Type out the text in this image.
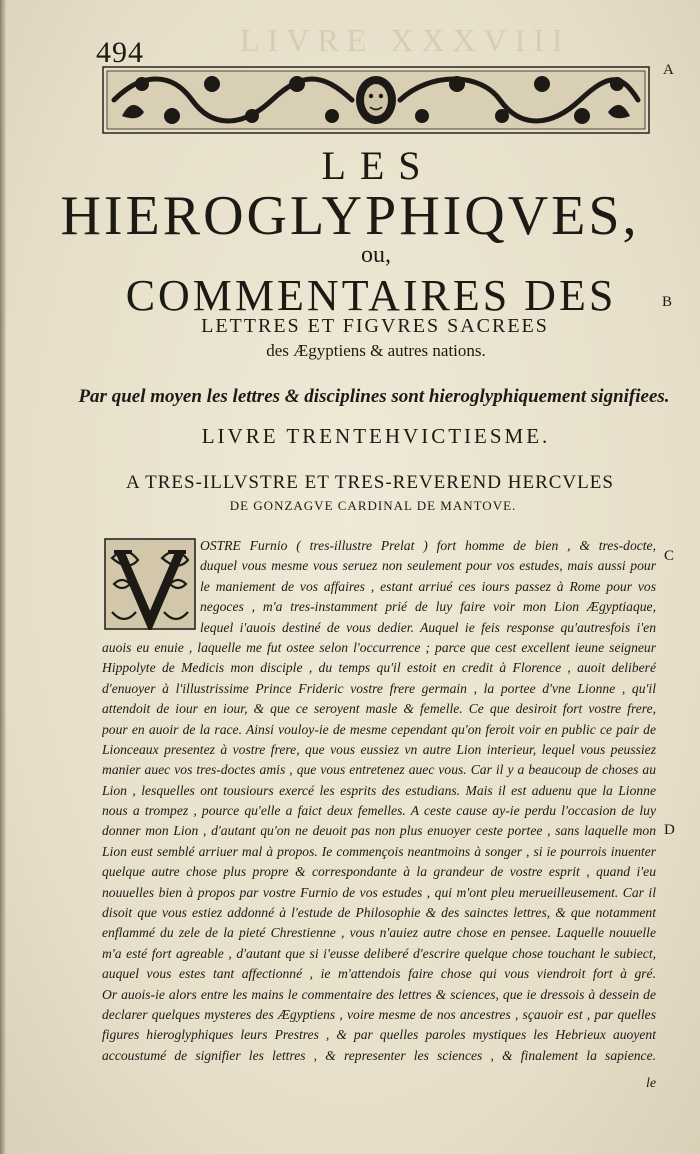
LIVRE XXXVIII
494
A
B
C
D
LES
HIEROGLYPHIQVES,
ou,
COMMENTAIRES DES
LETTRES ET FIGVRES SACREES
des Ægyptiens & autres nations.
Par quel moyen les lettres & disciplines sont hieroglyphiquement signifiees.
LIVRE TRENTEHVICTIESME.
A TRES-ILLVSTRE ET TRES-REVEREND HERCVLES
DE GONZAGVE CARDINAL DE MANTOVE.
OSTRE Furnio ( tres-illustre Prelat ) fort homme de bien , & tres-docte,
duquel vous mesme vous seruez non seulement pour vos estudes, mais aussi pour
le maniement de vos affaires , estant arriué ces iours passez à Rome pour vos
negoces , m'a tres-instamment prié de luy faire voir mon Lion Ægyptiaque,
lequel i'auois destiné de vous dedier. Auquel ie feis response qu'autresfois i'en
auois eu enuie , laquelle me fut ostee selon l'occurrence ; parce que cest excellent ieune seigneur
Hippolyte de Medicis mon disciple , du temps qu'il estoit en credit à Florence , auoit deliberé
d'enuoyer à l'illustrissime Prince Frideric vostre frere germain , la portee d'vne Lionne , qu'il
attendoit de iour en iour, & que ce seroyent masle & femelle. Ce que desiroit fort vostre frere,
pour en auoir de la race. Ainsi vouloy-ie de mesme cependant qu'on feroit voir en public ce pair de
Lionceaux presentez à vostre frere, que vous eussiez vn autre Lion interieur, lequel vous peussiez
manier auec vos tres-doctes amis , que vous entretenez auec vous. Car il y a beaucoup de choses au
Lion , lesquelles ont tousiours exercé les esprits des estudians. Mais il est aduenu que la Lionne
nous a trompez , pource qu'elle a faict deux femelles. A ceste cause ay-ie perdu l'occasion de luy
donner mon Lion , d'autant qu'on ne deuoit pas non plus enuoyer ceste portee , sans laquelle mon
Lion eust semblé arriuer mal à propos. Ie commençois neantmoins à songer , si ie pourrois inuenter
quelque autre chose plus propre & correspondante à la grandeur de vostre esprit , quand i'eu
nouuelles bien à propos par vostre Furnio de vos estudes , qui m'ont pleu merueilleusement. Car il
disoit que vous estiez addonné à l'estude de Philosophie & des sainctes lettres, & que notamment
enflammé du zele de la pieté Chrestienne , vous n'auiez autre chose en pensee. Laquelle nouuelle
m'a esté fort agreable , d'autant que si i'eusse deliberé d'escrire quelque chose touchant le subiect,
auquel vous estes tant affectionné , ie m'attendois faire chose qui vous viendroit fort à gré.
Or auois-ie alors entre les mains le commentaire des lettres & sciences, que ie dressois à dessein de
declarer quelques mysteres des Ægyptiens , voire mesme de nos ancestres , sçauoir est , par quelles
figures hieroglyphiques leurs Prestres , & par quelles paroles mystiques les Hebrieux auoyent
accoustumé de signifier les lettres , & representer les sciences , & finalement la sapience.
le
